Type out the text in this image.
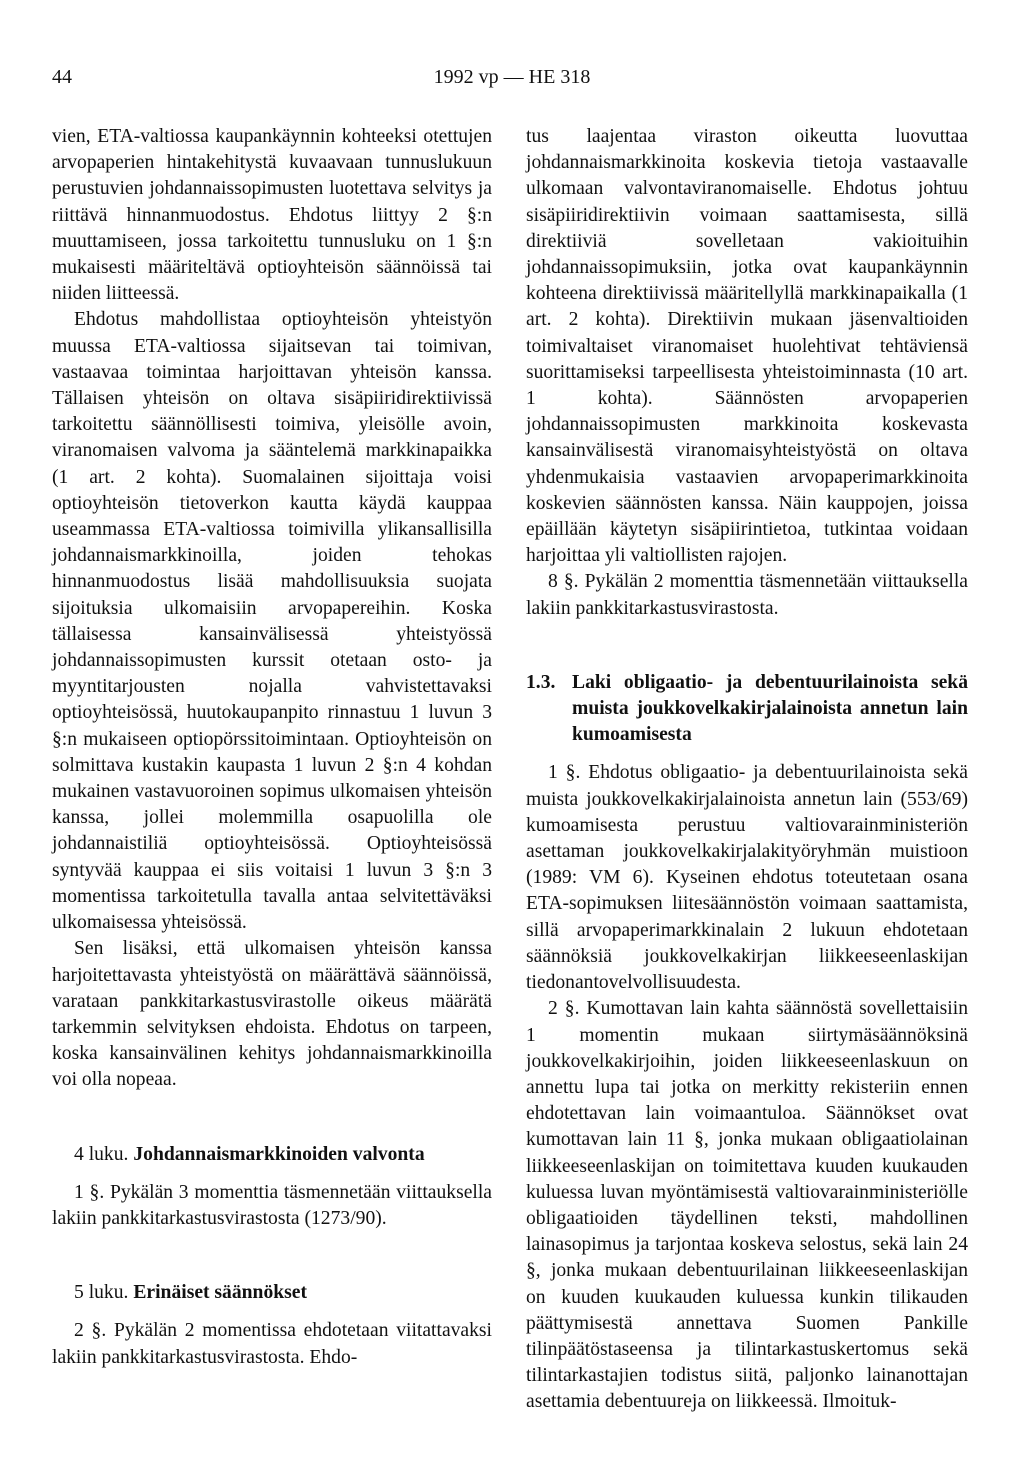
44	1992 vp — HE 318

vien, ETA-valtiossa kaupankäynnin kohteeksi otettujen arvopaperien hintakehitystä kuvaavaan tunnuslukuun perustuvien johdannaissopimusten luotettava selvitys ja riittävä hinnanmuodostus. Ehdotus liittyy 2 §:n muuttamiseen, jossa tarkoitettu tunnusluku on 1 §:n mukaisesti määriteltävä optioyhteisön säännöissä tai niiden liitteessä.

Ehdotus mahdollistaa optioyhteisön yhteistyön muussa ETA-valtiossa sijaitsevan tai toimivan, vastaavaa toimintaa harjoittavan yhteisön kanssa. Tällaisen yhteisön on oltava sisäpiiridirektiivissä tarkoitettu säännöllisesti toimiva, yleisölle avoin, viranomaisen valvoma ja sääntelemä markkinapaikka (1 art. 2 kohta). Suomalainen sijoittaja voisi optioyhteisön tietoverkon kautta käydä kauppaa useammassa ETA-valtiossa toimivilla ylikansallisilla johdannaismarkkinoilla, joiden tehokas hinnanmuodostus lisää mahdollisuuksia suojata sijoituksia ulkomaisiin arvopapereihin. Koska tällaisessa kansainvälisessä yhteistyössä johdannaissopimusten kurssit otetaan osto- ja myyntitarjousten nojalla vahvistettavaksi optioyhteisössä, huutokaupanpito rinnastuu 1 luvun 3 §:n mukaiseen optiopörssitoimintaan. Optioyhteisön on solmittava kustakin kaupasta 1 luvun 2 §:n 4 kohdan mukainen vastavuoroinen sopimus ulkomaisen yhteisön kanssa, jollei molemmilla osapuolilla ole johdannaistiliä optioyhteisössä. Optioyhteisössä syntyvää kauppaa ei siis voitaisi 1 luvun 3 §:n 3 momentissa tarkoitetulla tavalla antaa selvitettäväksi ulkomaisessa yhteisössä.

Sen lisäksi, että ulkomaisen yhteisön kanssa harjoitettavasta yhteistyöstä on määrättävä säännöissä, varataan pankkitarkastusvirastolle oikeus määrätä tarkemmin selvityksen ehdoista. Ehdotus on tarpeen, koska kansainvälinen kehitys johdannaismarkkinoilla voi olla nopeaa.

4 luku. Johdannaismarkkinoiden valvonta

1 §. Pykälän 3 momenttia täsmennetään viittauksella lakiin pankkitarkastusvirastosta (1273/90).

5 luku. Erinäiset säännökset

2 §. Pykälän 2 momentissa ehdotetaan viitattavaksi lakiin pankkitarkastusvirastosta. Ehdo-

tus laajentaa viraston oikeutta luovuttaa johdannaismarkkinoita koskevia tietoja vastaavalle ulkomaan valvontaviranomaiselle. Ehdotus johtuu sisäpiiridirektiivin voimaan saattamisesta, sillä direktiiviä sovelletaan vakioituihin johdannaissopimuksiin, jotka ovat kaupankäynnin kohteena direktiivissä määritellyllä markkinapaikalla (1 art. 2 kohta). Direktiivin mukaan jäsenvaltioiden toimivaltaiset viranomaiset huolehtivat tehtäviensä suorittamiseksi tarpeellisesta yhteistoiminnasta (10 art. 1 kohta). Säännösten arvopaperien johdannaissopimusten markkinoita koskevasta kansainvälisestä viranomaisyhteistyöstä on oltava yhdenmukaisia vastaavien arvopaperimarkkinoita koskevien säännösten kanssa. Näin kauppojen, joissa epäillään käytetyn sisäpiirintietoa, tutkintaa voidaan harjoittaa yli valtiollisten rajojen.

8 §. Pykälän 2 momenttia täsmennetään viittauksella lakiin pankkitarkastusvirastosta.

1.3. Laki obligaatio- ja debentuurilainoista sekä muista joukkovelkakirjalainoista annetun lain kumoamisesta

1 §. Ehdotus obligaatio- ja debentuurilainoista sekä muista joukkovelkakirjalainoista annetun lain (553/69) kumoamisesta perustuu valtiovarainministeriön asettaman joukkovelkakirjalakityöryhmän muistioon (1989: VM 6). Kyseinen ehdotus toteutetaan osana ETA-sopimuksen liitesäännöstön voimaan saattamista, sillä arvopaperimarkkinalain 2 lukuun ehdotetaan säännöksiä joukkovelkakirjan liikkeeseenlaskijan tiedonantovelvollisuudesta.

2 §. Kumottavan lain kahta säännöstä sovellettaisiin 1 momentin mukaan siirtymäsäännöksinä joukkovelkakirjoihin, joiden liikkeeseenlaskuun on annettu lupa tai jotka on merkitty rekisteriin ennen ehdotettavan lain voimaantuloa. Säännökset ovat kumottavan lain 11 §, jonka mukaan obligaatiolainan liikkeeseenlaskijan on toimitettava kuuden kuukauden kuluessa luvan myöntämisestä valtiovarainministeriölle obligaatioiden täydellinen teksti, mahdollinen lainasopimus ja tarjontaa koskeva selostus, sekä lain 24 §, jonka mukaan debentuurilainan liikkeeseenlaskijan on kuuden kuukauden kuluessa kunkin tilikauden päättymisestä annettava Suomen Pankille tilinpäätöstaseensa ja tilintarkastuskertomus sekä tilintarkastajien todistus siitä, paljonko lainanottajan asettamia debentuureja on liikkeessä. Ilmoituk-
